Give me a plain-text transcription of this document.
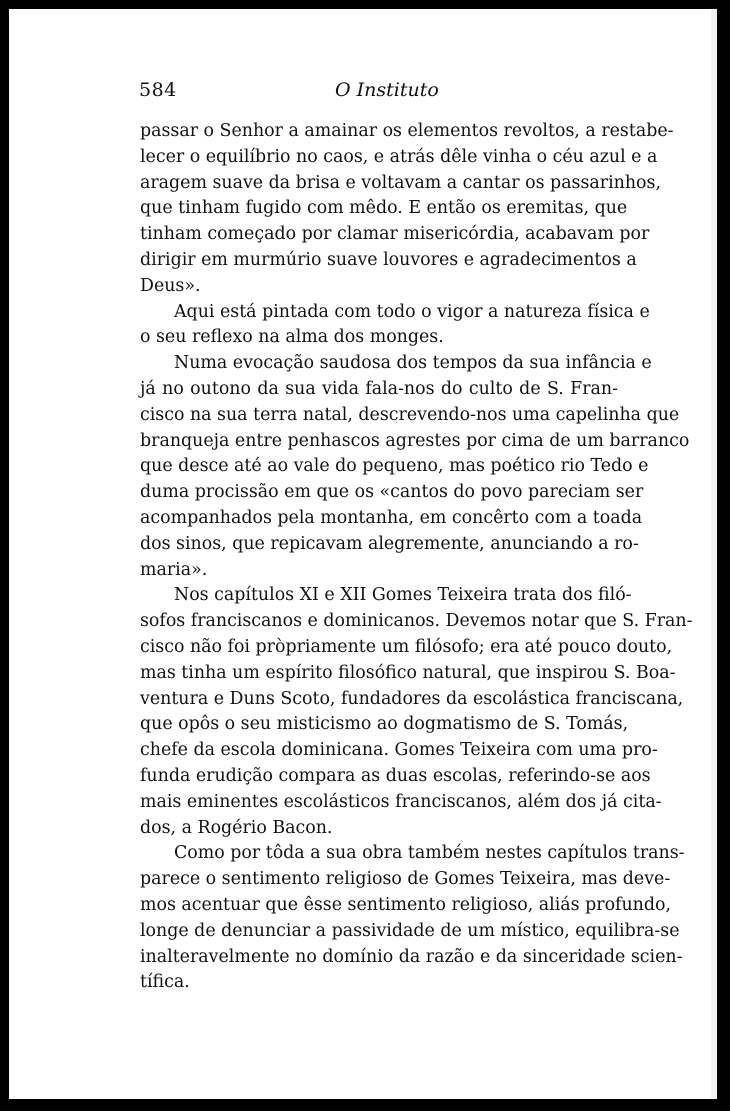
584	O Instituto

passar o Senhor a amainar os elementos revoltos, a restabe-
lecer o equilíbrio no caos, e atrás dêle vinha o céu azul e a
aragem suave da brisa e voltavam a cantar os passarinhos,
que tinham fugido com mêdo. E então os eremitas, que
tinham começado por clamar misericórdia, acabavam por
dirigir em murmúrio suave louvores e agradecimentos a
Deus».

Aqui está pintada com todo o vigor a natureza física e
o seu reflexo na alma dos monges.

Numa evocação saudosa dos tempos da sua infância e
já no outono da sua vida fala-nos do culto de S. Fran-
cisco na sua terra natal, descrevendo-nos uma capelinha que
branqueja entre penhascos agrestes por cima de um barranco
que desce até ao vale do pequeno, mas poético rio Tedo e
duma procissão em que os «cantos do povo pareciam ser
acompanhados pela montanha, em concêrto com a toada
dos sinos, que repicavam alegremente, anunciando a ro-
maria».

Nos capítulos XI e XII Gomes Teixeira trata dos filó-
sofos franciscanos e dominicanos. Devemos notar que S. Fran-
cisco não foi pròpriamente um filósofo; era até pouco douto,
mas tinha um espírito filosófico natural, que inspirou S. Boa-
ventura e Duns Scoto, fundadores da escolástica franciscana,
que opôs o seu misticismo ao dogmatismo de S. Tomás,
chefe da escola dominicana. Gomes Teixeira com uma pro-
funda erudição compara as duas escolas, referindo-se aos
mais eminentes escolásticos franciscanos, além dos já cita-
dos, a Rogério Bacon.

Como por tôda a sua obra também nestes capítulos trans-
parece o sentimento religioso de Gomes Teixeira, mas deve-
mos acentuar que êsse sentimento religioso, aliás profundo,
longe de denunciar a passividade de um místico, equilibra-se
inalteravelmente no domínio da razão e da sinceridade scien-
tífica.
